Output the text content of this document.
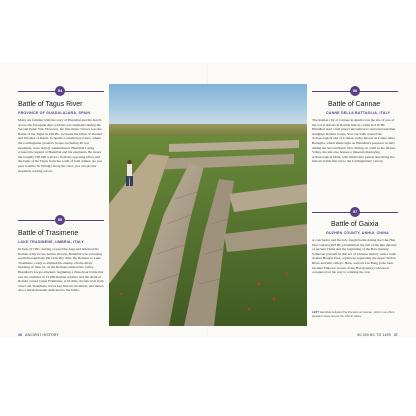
54
Battle of Tagus River
PROVINCE OF GUADALAJARA, SPAIN
Many are familiar with the story of Hannibal and his march across the European Alps with his war elephants during the Second Punic War. However, his first major victory was the Battle of the Tagus in 220 BC, between the tribes of Oretani and Olcades of Iberia. In Spain's Castellón province, where the Carthaginian ground's troops, including 40 war elephants, were largely outnumbered, Hannibal's army crossed the legend of Hannibal and his elephants. Be aware the roughly 100,000 warriors from the opposing tribes and the bank of the Tagus from the south of both armies. As you pass Castillo de Villalga along the river, you can picture elephants wading across.
55
Battle of Trasimene
LAKE TRASIMENE, UMBRIA, ITALY
In June 217 BC, having crossed the Alps and defeated the Roman army in two battles already, Hannibal was sweeping south through Italy. He tactically drew the Romans to Lake Trasimene, ready to ambush his enemy. On the misty morning of June 21, as the Romans entered the valley, Hannibal's troops attacked, beginning a three-hour battle that saw the enemies of 15,000 Roman soldiers and the death of Roman consul Gaius Flaminius. A 10-mile circular trail from Tuoro sul Trasimeno traces key historic moments, and there's also a small museum dedicated to the battle.
36 ANCIENT HISTORY
56
Battle of Cannae
CANNE DELLA BATTAGLIA, ITALY
The Roman city of Cannae in Apulia was the site of one of the worst defeats in Roman history, when in 216 BC Hannibal used a full pincer movement to surround and then slaughter Roman troops. You can walk around the archaeological site of Cannae, today known as Canne della Battaglia, which sheds light on Hannibal's presence in Italy during the Second Punic War. Sitting on a hill in the Ofanto Valley, the site also houses a museum displaying archaeological finds, with illustrative panels describing the historic battle that led to the Carthaginians' victory.
57
Battle of Gaixia
GUZHEN COUNTY, ANHUI, CHINA
A conclusive and fiercely fought battle during the Chu-Han War, Gaixia (203 BC) determined the fall of the Qin dynasty of ancient China and the beginning of the Han dynasty. Someone yourself in this era of Chinese history with a walk around Hongxi Pass, a gateway separating the upper Yellow River and Wei valleys. Here, warlord Liu Bang (who later became Emperor Gaozu of the Han dynasty) advanced conquered on his way to winning the war.
LEFT Hannibal defeated the Romans at Cannae, which now offers pleasant views across the Ofanto Valley.
50,000 BC TO 1499 37
